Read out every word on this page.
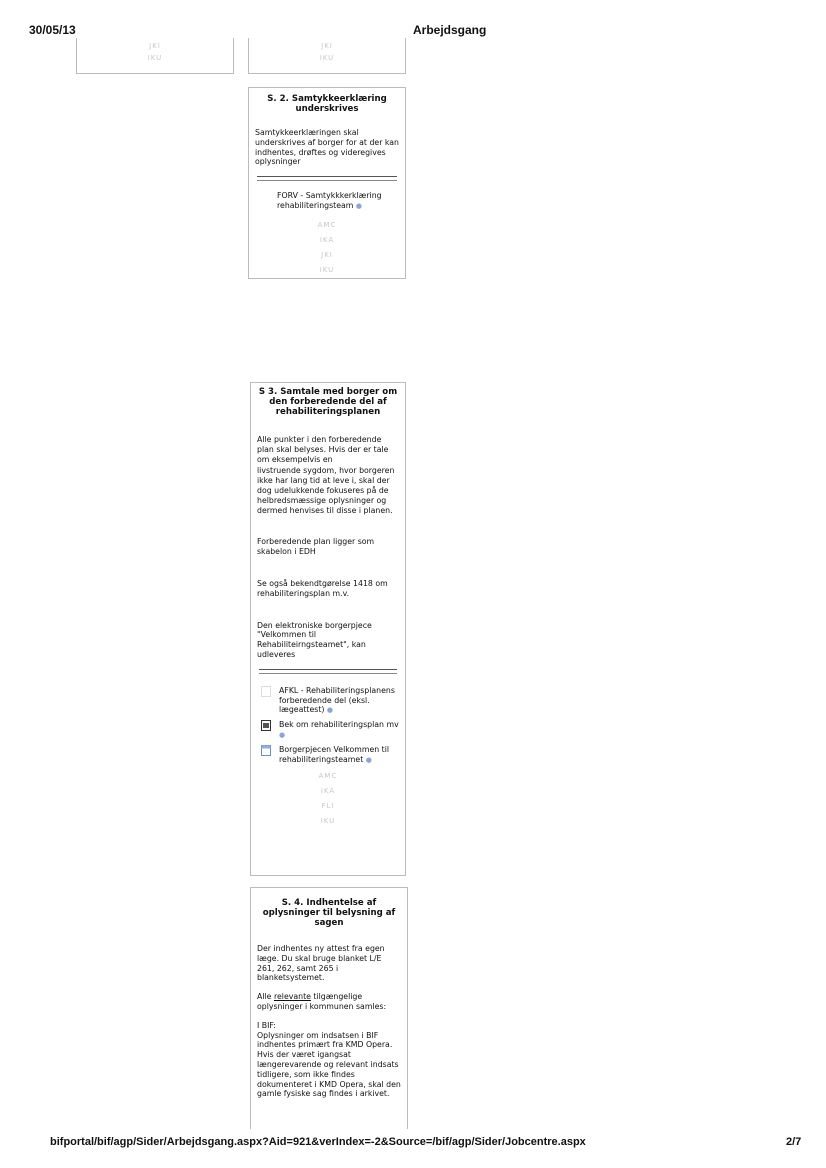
30/05/13	Arbejdsgang
JKI
IKU
JKI
IKU
S. 2. Samtykkeerklæring underskrives

Samtykkeerklæringen skal underskrives af borger for at der kan indhentes, drøftes og videregives oplysninger

FORV - Samtykkkerklæring rehabiliteringsteam ●
AMC
IKA
JKI
IKU
S 3. Samtale med borger om den forberedende del af rehabiliteringsplanen

Alle punkter i den forberedende plan skal belyses. Hvis der er tale om eksempelvis en

livstruende sygdom, hvor borgeren ikke har lang tid at leve i, skal der dog udelukkende fokuseres på de helbredsmæssige oplysninger og dermed henvises til disse i planen.

Forberedende plan ligger som skabelon i EDH

Se også bekendtgørelse 1418 om rehabiliteringsplan m.v.

Den elektroniske borgerpjece "Velkommen til Rehabiliteirngsteamet", kan udleveres

AFKL - Rehabiliteringsplanens forberedende del (eksl. lægeattest) ●
Bek om rehabiliteringsplan mv ●
Borgerpjecen Velkommen til rehabiliteringsteamet ●
AMC
IKA
FLI
IKU
S. 4. Indhentelse af oplysninger til belysning af sagen

Der indhentes ny attest fra egen læge. Du skal bruge blanket L/E 261, 262, samt 265 i blanketsystemet.

Alle relevante tilgængelige oplysninger i kommunen samles:

I BIF:

Oplysninger om indsatsen i BIF indhentes primært fra KMD Opera. Hvis der været igangsat længerevarende og relevant indsats tidligere, som ikke findes dokumenteret i KMD Opera, skal den gamle fysiske sag findes i arkivet.

bifportal/bif/agp/Sider/Arbejdsgang.aspx?Aid=921&verIndex=-2&Source=/bif/agp/Sider/Jobcentre.aspx	2/7
